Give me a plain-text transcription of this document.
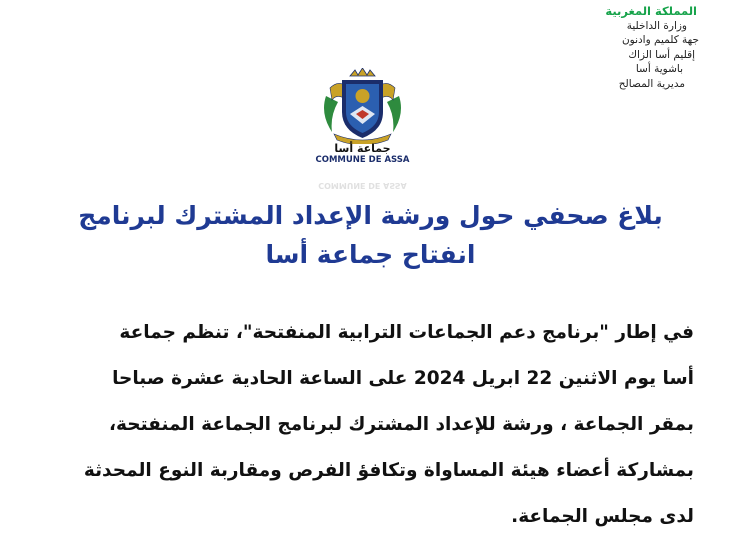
المملكة المغربية
وزارة الداخلية
جهة كلميم وادنون
إقليم أسا الزاك
باشوية أسا
مديرية المصالح
جماعة أسا
COMMUNE DE ASSA
COMMUNE DE ASSA
بلاغ صحفي حول ورشة الإعداد المشترك لبرنامج
انفتاح جماعة أسا
في إطار "برنامج دعم الجماعات الترابية المنفتحة"، تنظم جماعة
أسا يوم الاثنين 22 ابريل 2024 على الساعة الحادية عشرة صباحا
بمقر الجماعة ، ورشة للإعداد المشترك لبرنامج الجماعة المنفتحة،
بمشاركة أعضاء هيئة المساواة وتكافؤ الفرص ومقاربة النوع المحدثة
لدى مجلس الجماعة.
